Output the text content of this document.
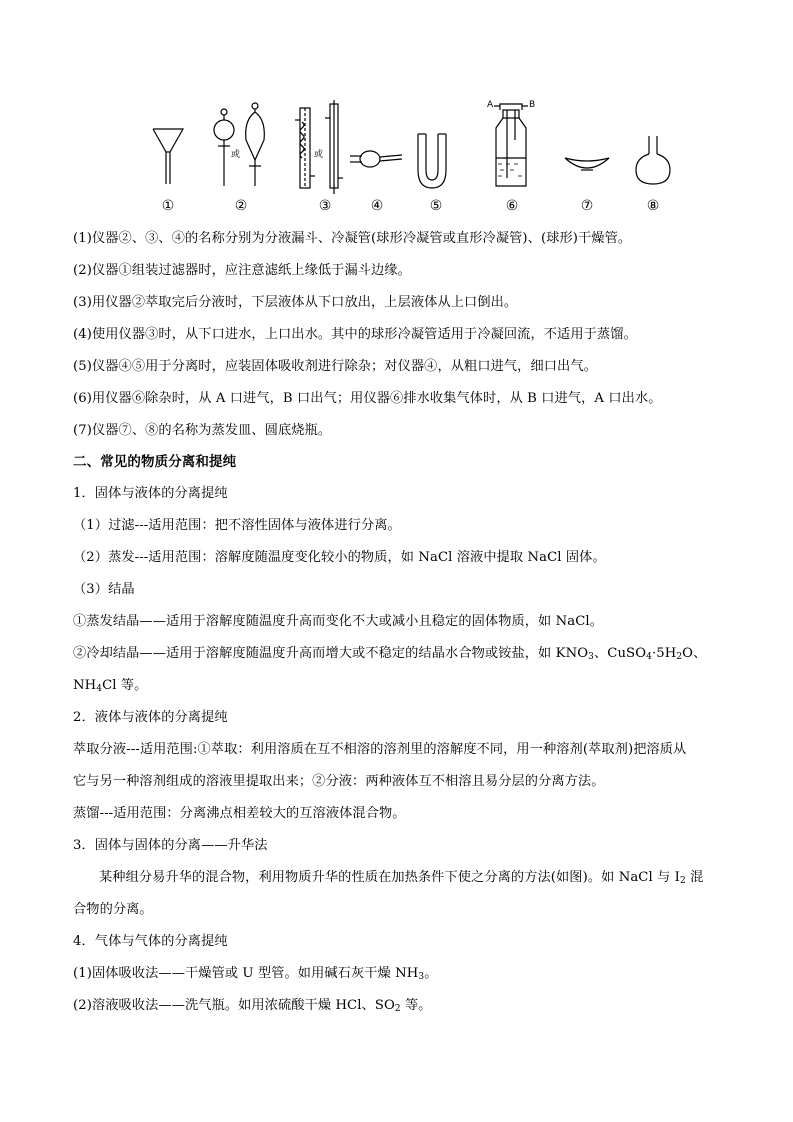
或	或
A	B
①	②	③	④	⑤	⑥	⑦	⑧
(1)仪器②、③、④的名称分别为分液漏斗、冷凝管(球形冷凝管或直形冷凝管)、(球形)干燥管。
(2)仪器①组装过滤器时，应注意滤纸上缘低于漏斗边缘。
(3)用仪器②萃取完后分液时，下层液体从下口放出，上层液体从上口倒出。
(4)使用仪器③时，从下口进水，上口出水。其中的球形冷凝管适用于冷凝回流，不适用于蒸馏。
(5)仪器④⑤用于分离时，应装固体吸收剂进行除杂；对仪器④，从粗口进气，细口出气。
(6)用仪器⑥除杂时，从 A 口进气，B 口出气；用仪器⑥排水收集气体时，从 B 口进气，A 口出水。
(7)仪器⑦、⑧的名称为蒸发皿、圆底烧瓶。
二、常见的物质分离和提纯
1．固体与液体的分离提纯
（1）过滤---适用范围：把不溶性固体与液体进行分离。
（2）蒸发---适用范围：溶解度随温度变化较小的物质，如 NaCl 溶液中提取 NaCl 固体。
（3）结晶
①蒸发结晶——适用于溶解度随温度升高而变化不大或减小且稳定的固体物质，如 NaCl。
②冷却结晶——适用于溶解度随温度升高而增大或不稳定的结晶水合物或铵盐，如 $KNO_3$、$CuSO_4\cdot 5H_2O$、
$NH_4Cl$ 等。
2．液体与液体的分离提纯
萃取分液---适用范围:①萃取：利用溶质在互不相溶的溶剂里的溶解度不同，用一种溶剂(萃取剂)把溶质从
它与另一种溶剂组成的溶液里提取出来；②分液：两种液体互不相溶且易分层的分离方法。
蒸馏---适用范围：分离沸点相差较大的互溶液体混合物。
3．固体与固体的分离——升华法
某种组分易升华的混合物，利用物质升华的性质在加热条件下使之分离的方法(如图)。如 NaCl 与 $I_2$ 混
合物的分离。
4．气体与气体的分离提纯
(1)固体吸收法——干燥管或 U 型管。如用碱石灰干燥 $NH_3$。
(2)溶液吸收法——洗气瓶。如用浓硫酸干燥 HCl、$SO_2$ 等。
